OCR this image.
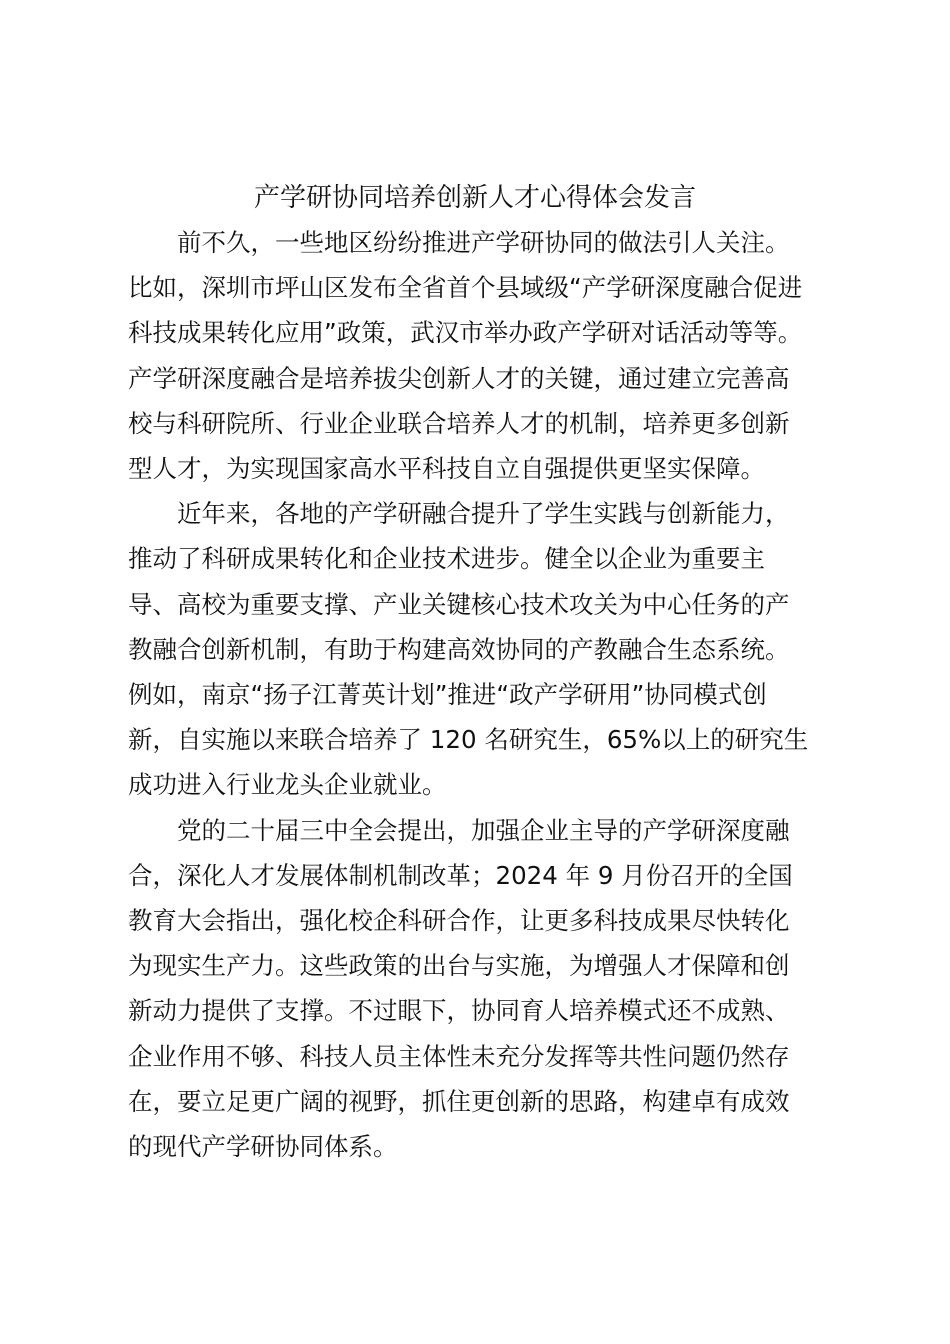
产学研协同培养创新人才心得体会发言
前不久，一些地区纷纷推进产学研协同的做法引人关注。
比如，深圳市坪山区发布全省首个县域级“产学研深度融合促进
科技成果转化应用”政策，武汉市举办政产学研对话活动等等。
产学研深度融合是培养拔尖创新人才的关键，通过建立完善高
校与科研院所、行业企业联合培养人才的机制，培养更多创新
型人才，为实现国家高水平科技自立自强提供更坚实保障。
近年来，各地的产学研融合提升了学生实践与创新能力，
推动了科研成果转化和企业技术进步。健全以企业为重要主
导、高校为重要支撑、产业关键核心技术攻关为中心任务的产
教融合创新机制，有助于构建高效协同的产教融合生态系统。
例如，南京“扬子江菁英计划”推进“政产学研用”协同模式创
新，自实施以来联合培养了 120 名研究生，65%以上的研究生
成功进入行业龙头企业就业。
党的二十届三中全会提出，加强企业主导的产学研深度融
合，深化人才发展体制机制改革；2024 年 9 月份召开的全国
教育大会指出，强化校企科研合作，让更多科技成果尽快转化
为现实生产力。这些政策的出台与实施，为增强人才保障和创
新动力提供了支撑。不过眼下，协同育人培养模式还不成熟、
企业作用不够、科技人员主体性未充分发挥等共性问题仍然存
在，要立足更广阔的视野，抓住更创新的思路，构建卓有成效
的现代产学研协同体系。
